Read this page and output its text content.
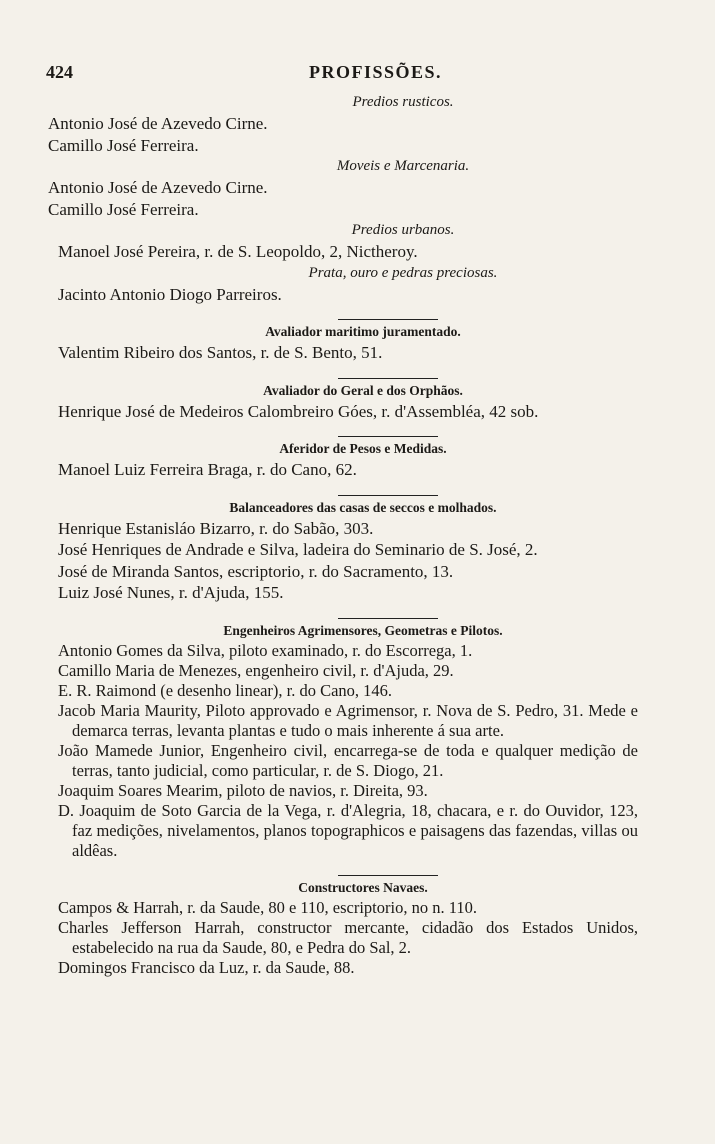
424	PROFISSÕES.
Predios rusticos.
Antonio José de Azevedo Cirne.
Camillo José Ferreira.
Moveis e Marcenaria.
Antonio José de Azevedo Cirne.
Camillo José Ferreira.
Predios urbanos.
Manoel José Pereira, r. de S. Leopoldo, 2, Nictheroy.
Prata, ouro e pedras preciosas.
Jacinto Antonio Diogo Parreiros.
Avaliador maritimo juramentado.
Valentim Ribeiro dos Santos, r. de S. Bento, 51.
Avaliador do Geral e dos Orphãos.
Henrique José de Medeiros Calombreiro Góes, r. d'Assembléa, 42 sob.
Aferidor de Pesos e Medidas.
Manoel Luiz Ferreira Braga, r. do Cano, 62.
Balanceadores das casas de seccos e molhados.
Henrique Estanisláo Bizarro, r. do Sabão, 303.
José Henriques de Andrade e Silva, ladeira do Seminario de S. José, 2.
José de Miranda Santos, escriptorio, r. do Sacramento, 13.
Luiz José Nunes, r. d'Ajuda, 155.
Engenheiros Agrimensores, Geometras e Pilotos.
Antonio Gomes da Silva, piloto examinado, r. do Escorrega, 1.
Camillo Maria de Menezes, engenheiro civil, r. d'Ajuda, 29.
E. R. Raimond (e desenho linear), r. do Cano, 146.
Jacob Maria Maurity, Piloto approvado e Agrimensor, r. Nova de S. Pedro, 31. Mede e demarca terras, levanta plantas e tudo o mais inherente á sua arte.
João Mamede Junior, Engenheiro civil, encarrega-se de toda e qualquer medição de terras, tanto judicial, como particular, r. de S. Diogo, 21.
Joaquim Soares Mearim, piloto de navios, r. Direita, 93.
D. Joaquim de Soto Garcia de la Vega, r. d'Alegria, 18, chacara, e r. do Ouvidor, 123, faz medições, nivelamentos, planos topographicos e paisagens das fazendas, villas ou aldêas.
Constructores Navaes.
Campos & Harrah, r. da Saude, 80 e 110, escriptorio, no n. 110.
Charles Jefferson Harrah, constructor mercante, cidadão dos Estados Unidos, estabelecido na rua da Saude, 80, e Pedra do Sal, 2.
Domingos Francisco da Luz, r. da Saude, 88.
